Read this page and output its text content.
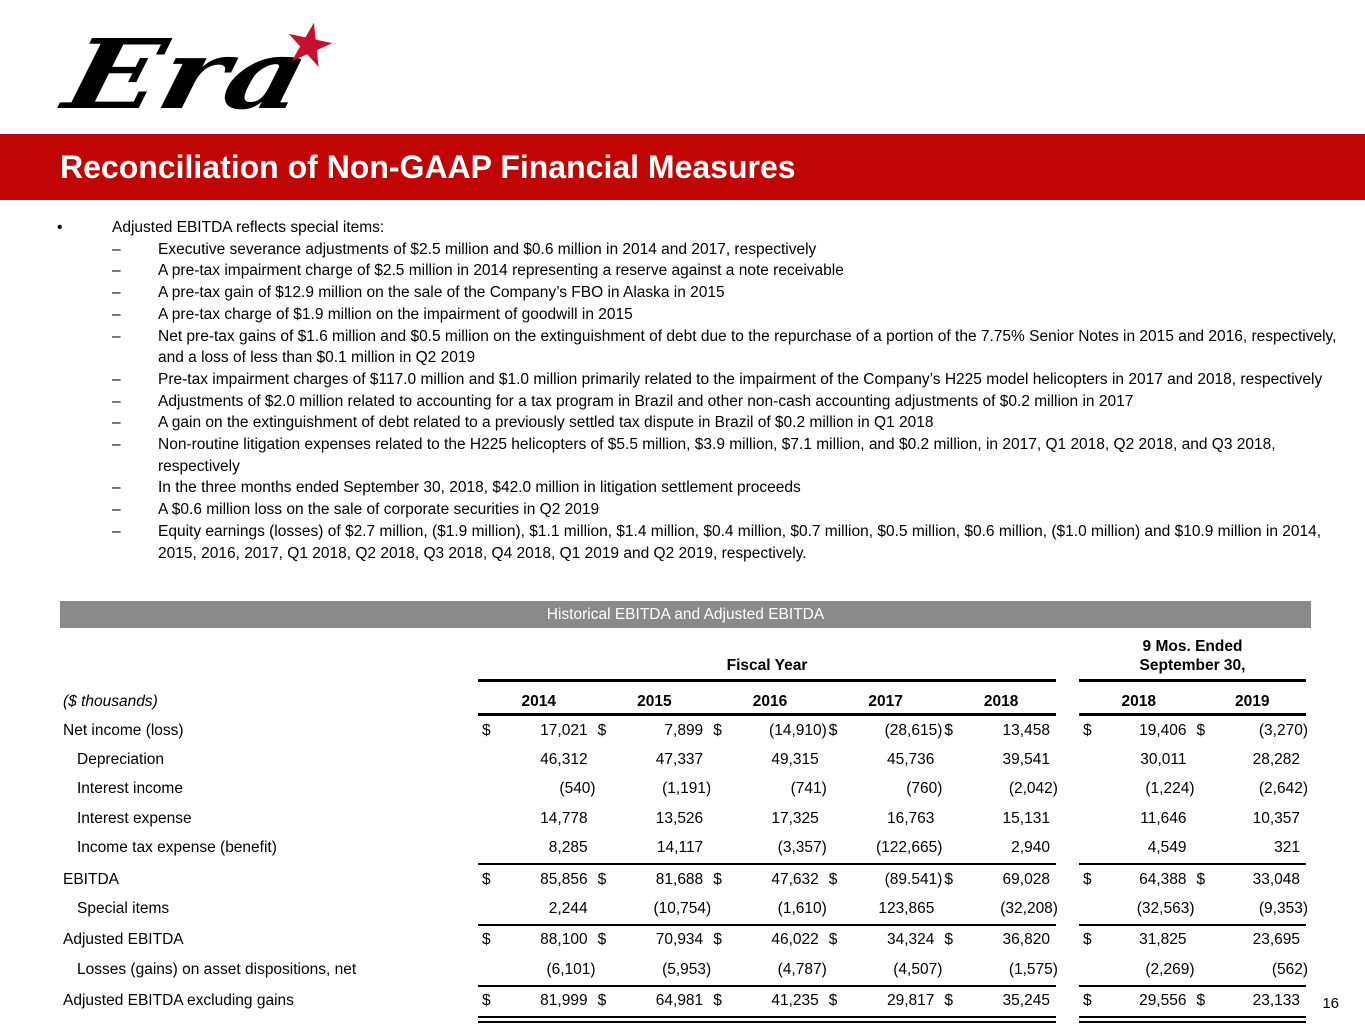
Era ★
Reconciliation of Non-GAAP Financial Measures
•	Adjusted EBITDA reflects special items:
–	Executive severance adjustments of $2.5 million and $0.6 million in 2014 and 2017, respectively
–	A pre-tax impairment charge of $2.5 million in 2014 representing a reserve against a note receivable
–	A pre-tax gain of $12.9 million on the sale of the Company’s FBO in Alaska in 2015
–	A pre-tax charge of $1.9 million on the impairment of goodwill in 2015
–	Net pre-tax gains of $1.6 million and $0.5 million on the extinguishment of debt due to the repurchase of a portion of the 7.75% Senior Notes in 2015 and 2016, respectively, and a loss of less than $0.1 million in Q2 2019
–	Pre-tax impairment charges of $117.0 million and $1.0 million primarily related to the impairment of the Company’s H225 model helicopters in 2017 and 2018, respectively
–	Adjustments of $2.0 million related to accounting for a tax program in Brazil and other non-cash accounting adjustments of $0.2 million in 2017
–	A gain on the extinguishment of debt related to a previously settled tax dispute in Brazil of $0.2 million in Q1 2018
–	Non-routine litigation expenses related to the H225 helicopters of $5.5 million, $3.9 million, $7.1 million, and $0.2 million, in 2017, Q1 2018, Q2 2018, and Q3 2018, respectively
–	In the three months ended September 30, 2018, $42.0 million in litigation settlement proceeds
–	A $0.6 million loss on the sale of corporate securities in Q2 2019
–	Equity earnings (losses) of $2.7 million, ($1.9 million), $1.1 million, $1.4 million, $0.4 million, $0.7 million, $0.5 million, $0.6 million, ($1.0 million) and $10.9 million in 2014, 2015, 2016, 2017, Q1 2018, Q2 2018, Q3 2018, Q4 2018, Q1 2019 and Q2 2019, respectively.
Historical EBITDA and Adjusted EBITDA
Fiscal Year
9 Mos. Ended
September 30,
($ thousands)	2014	2015	2016	2017	2018	2018	2019
Net income (loss)	$	17,021 $	7,899 $	(14,910) $	(28,615) $	13,458 $	19,406 $	(3,270)
Depreciation	46,312	47,337	49,315	45,736	39,541	30,011	28,282
Interest income	(540)	(1,191)	(741)	(760)	(2,042)	(1,224)	(2,642)
Interest expense	14,778	13,526	17,325	16,763	15,131	11,646	10,357
Income tax expense (benefit)	8,285	14,117	(3,357)	(122,665)	2,940	4,549	321
EBITDA	$	85,856 $	81,688 $	47,632 $	(89.541) $	69,028 $	64,388 $	33,048
Special items	2,244	(10,754)	(1,610)	123,865	(32,208)	(32,563)	(9,353)
Adjusted EBITDA	$	88,100 $	70,934 $	46,022 $	34,324 $	36,820 $	31,825	23,695
Losses (gains) on asset dispositions, net	(6,101)	(5,953)	(4,787)	(4,507)	(1,575)	(2,269)	(562)
Adjusted EBITDA excluding gains	$	81,999 $	64,981 $	41,235 $	29,817 $	35,245 $	29,556 $	23,133 16
